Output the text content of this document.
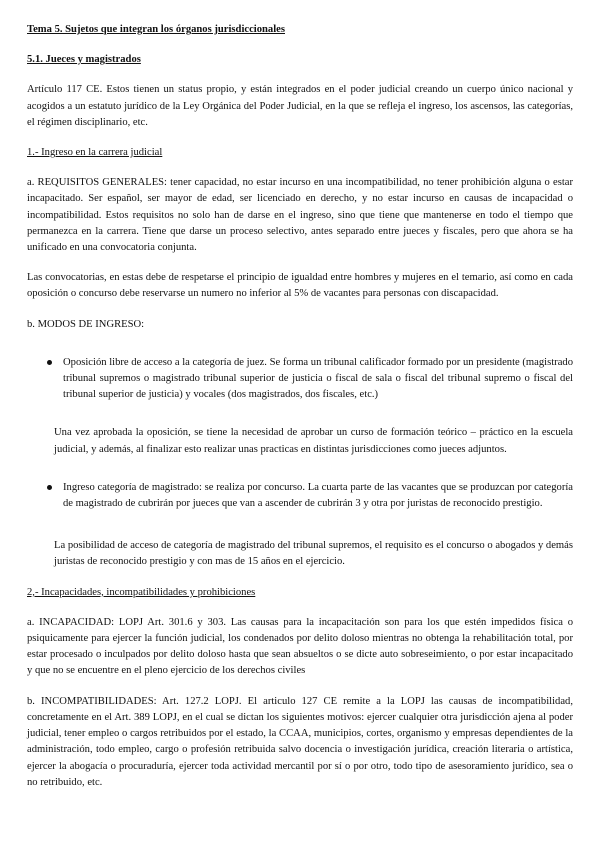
Tema 5. Sujetos que integran los órganos jurisdiccionales
5.1. Jueces y magistrados

Artículo 117 CE. Estos tienen un status propio, y están integrados en el poder judicial creando un cuerpo único nacional y acogidos a un estatuto jurídico de la Ley Orgánica del Poder Judicial, en la que se refleja el ingreso, los ascensos, las categorías, el régimen disciplinario, etc.

1.- Ingreso en la carrera judicial

a. REQUISITOS GENERALES: tener capacidad, no estar incurso en una incompatibilidad, no tener prohibición alguna o estar incapacitado. Ser español, ser mayor de edad, ser licenciado en derecho, y no estar incurso en causas de incapacidad o incompatibilidad. Estos requisitos no solo han de darse en el ingreso, sino que tiene que mantenerse en todo el tiempo que permanezca en la carrera. Tiene que darse un proceso selectivo, antes separado entre jueces y fiscales, pero que ahora se ha unificado en una convocatoria conjunta.

Las convocatorias, en estas debe de respetarse el principio de igualdad entre hombres y mujeres en el temario, así como en cada oposición o concurso debe reservarse un numero no inferior al 5% de vacantes para personas con discapacidad.

b. MODOS DE INGRESO:

Oposición libre de acceso a la categoría de juez. Se forma un tribunal calificador formado por un presidente (magistrado tribunal supremos o magistrado tribunal superior de justicia o fiscal de sala o fiscal del tribunal supremo o fiscal del tribunal superior de justicia) y vocales (dos magistrados, dos fiscales, etc.)
Una vez aprobada la oposición, se tiene la necesidad de aprobar un curso de formación teórico – práctico en la escuela judicial, y además, al finalizar esto realizar unas practicas en distintas jurisdicciones como jueces adjuntos.
Ingreso categoría de magistrado: se realiza por concurso. La cuarta parte de las vacantes que se produzcan por categoría de magistrado de cubrirán por jueces que van a ascender de cubrirán 3 y otra por juristas de reconocido prestigio.
La posibilidad de acceso de categoría de magistrado del tribunal supremos, el requisito es el concurso o abogados y demás juristas de reconocido prestigio y con mas de 15 años en el ejercicio.
2,- Incapacidades, incompatibilidades y prohibiciones

a. INCAPACIDAD: LOPJ Art. 301.6 y 303. Las causas para la incapacitación son para los que estén impedidos física o psiquicamente para ejercer la función judicial, los condenados por delito doloso mientras no obtenga la rehabilitación total, por estar procesado o inculpados por delito doloso hasta que sean absueltos o se dicte auto sobreseimiento, o por estar incapacitado y que no se encuentre en el pleno ejercicio de los derechos civiles

b. INCOMPATIBILIDADES: Art. 127.2 LOPJ. El articulo 127 CE remite a la LOPJ las causas de incompatibilidad, concretamente en el Art. 389 LOPJ, en el cual se dictan los siguientes motivos: ejercer cualquier otra jurisdicción ajena al poder judicial, tener empleo o cargos retribuidos por el estado, la CCAA, municipios, cortes, organismo y empresas dependientes de la administración, todo empleo, cargo o profesión retribuida salvo docencia o investigación jurídica, creación literaria o artística, ejercer la abogacía o procuraduría, ejercer toda actividad mercantil por sí o por otro, todo tipo de asesoramiento jurídico, sea o no retribuido, etc.
